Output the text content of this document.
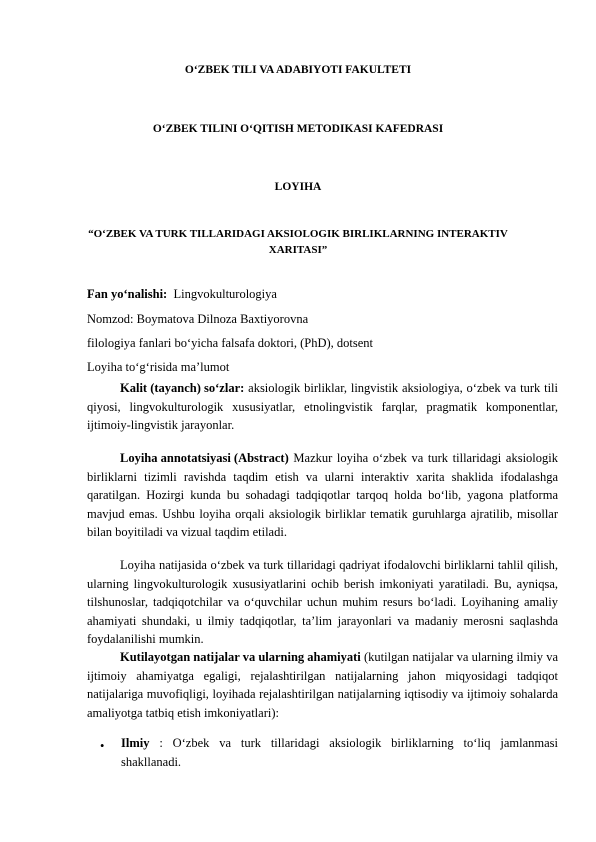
O‘ZBEK TILI VA ADABIYOTI FAKULTETI
O‘ZBEK TILINI O‘QITISH METODIKASI KAFEDRASI
LOYIHA
“O‘ZBEK VA TURK TILLARIDAGI AKSIOLOGIK BIRLIKLARNING INTERAKTIV XARITASI”
Fan yo‘nalishi: Lingvokulturologiya
Nomzod: Boymatova Dilnoza Baxtiyorovna
filologiya fanlari bo‘yicha falsafa doktori, (PhD), dotsent
Loyiha to‘g‘risida ma’lumot
Kalit (tayanch) so‘zlar: aksiologik birliklar, lingvistik aksiologiya, o‘zbek va turk tili qiyosi, lingvokulturologik xususiyatlar, etnolingvistik farqlar, pragmatik komponentlar, ijtimoiy-lingvistik jarayonlar.
Loyiha annotatsiyasi (Abstract) Mazkur loyiha o‘zbek va turk tillaridagi aksiologik birliklarni tizimli ravishda taqdim etish va ularni interaktiv xarita shaklida ifodalashga qaratilgan. Hozirgi kunda bu sohadagi tadqiqotlar tarqoq holda bo‘lib, yagona platforma mavjud emas. Ushbu loyiha orqali aksiologik birliklar tematik guruhlarga ajratilib, misollar bilan boyitiladi va vizual taqdim etiladi.
Loyiha natijasida o‘zbek va turk tillaridagi qadriyat ifodalovchi birliklarni tahlil qilish, ularning lingvokulturologik xususiyatlarini ochib berish imkoniyati yaratiladi. Bu, ayniqsa, tilshunoslar, tadqiqotchilar va o‘quvchilar uchun muhim resurs bo‘ladi. Loyihaning amaliy ahamiyati shundaki, u ilmiy tadqiqotlar, ta’lim jarayonlari va madaniy merosni saqlashda foydalanilishi mumkin.
Kutilayotgan natijalar va ularning ahamiyati (kutilgan natijalar va ularning ilmiy va ijtimoiy ahamiyatga egaligi, rejalashtirilgan natijalarning jahon miqyosidagi tadqiqot natijalariga muvofiqligi, loyihada rejalashtirilgan natijalarning iqtisodiy va ijtimoiy sohalarda amaliyotga tatbiq etish imkoniyatlari):
• Ilmiy : O‘zbek va turk tillaridagi aksiologik birliklarning to‘liq jamlanmasi shakllanadi.
